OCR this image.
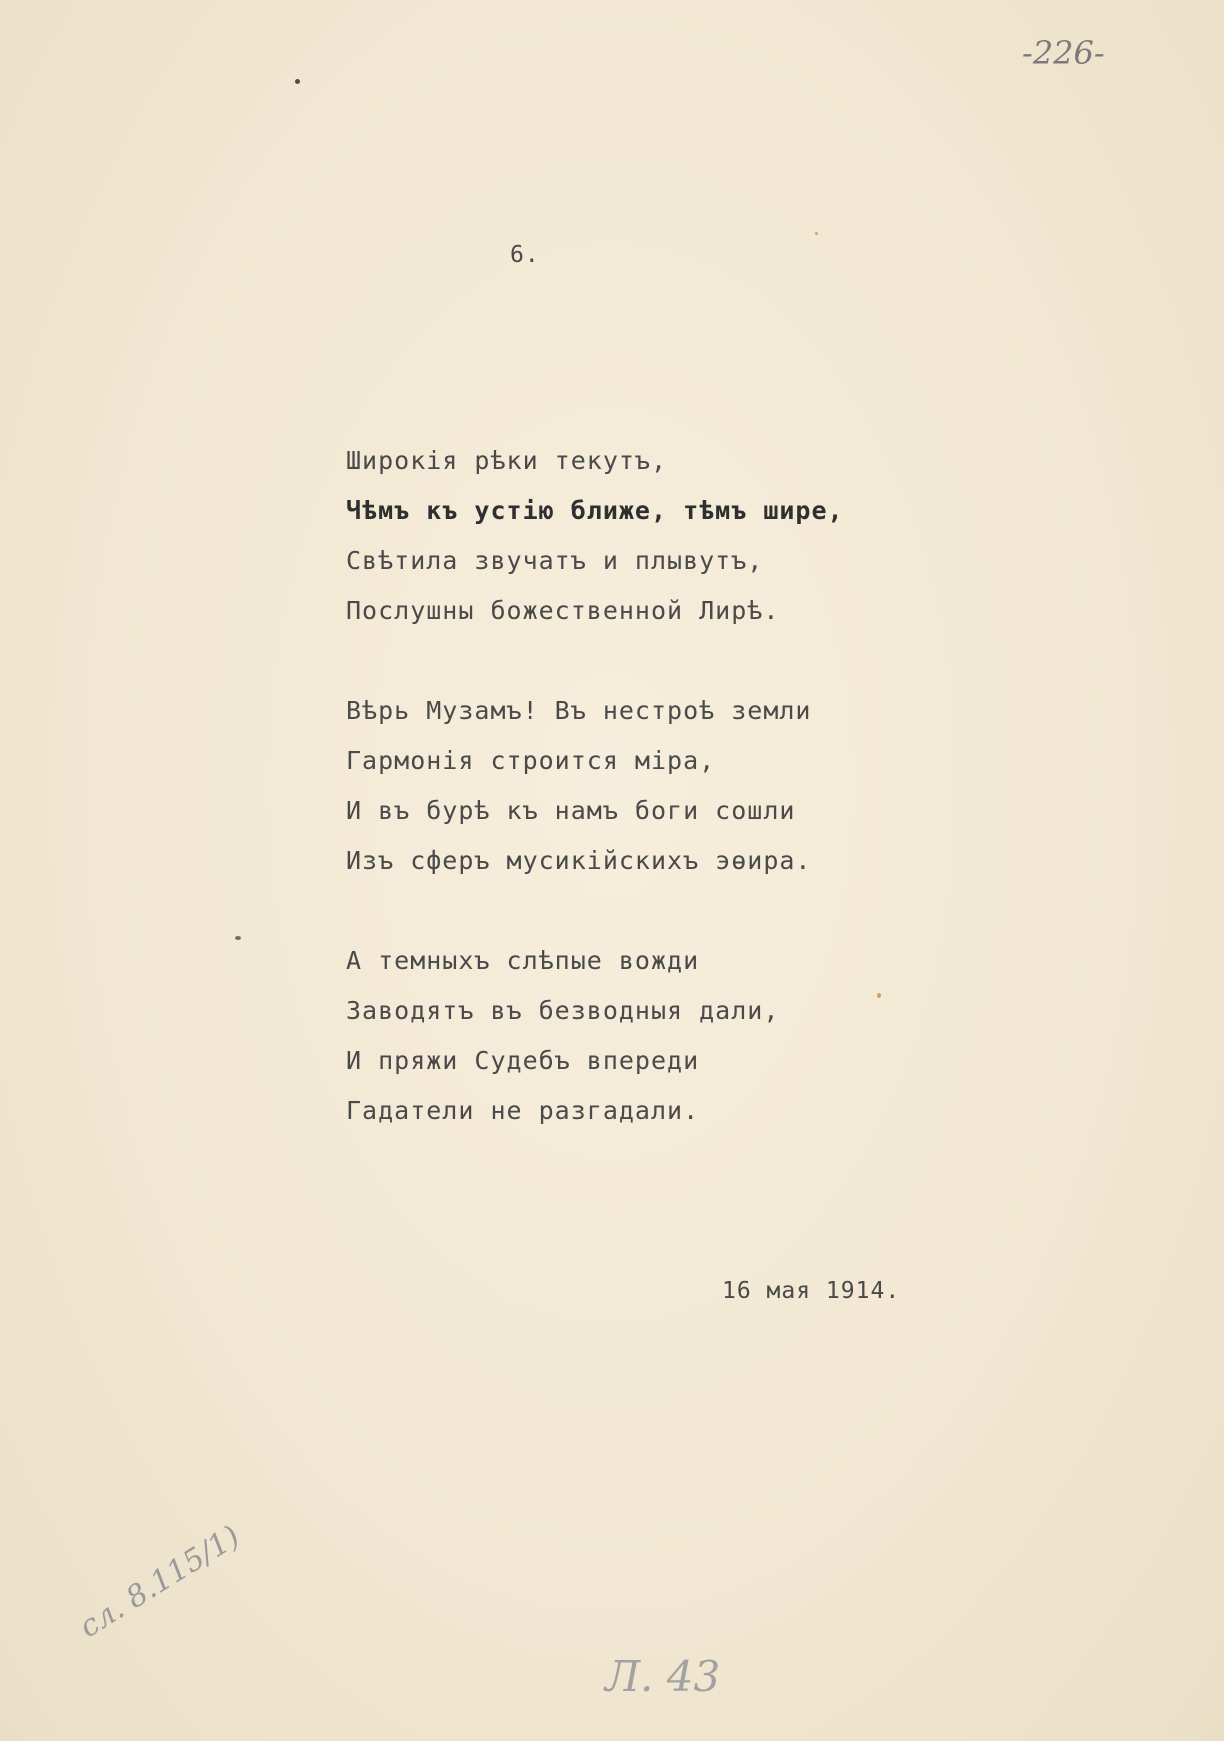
-226-
6.
Широкiя рѣки текутъ,
Чѣмъ къ устiю ближе, тѣмъ шире,
Свѣтила звучатъ и плывутъ,
Послушны божественной Лирѣ.
Вѣрь Музамъ! Въ нестроѣ земли
Гармонiя строится мiра,
И въ бурѣ къ намъ боги сошли
Изъ сферъ мусикiйскихъ эѳира.
А темныхъ слѣпые вожди
Заводятъ въ безводныя дали,
И пряжи Судебъ впереди
Гадатели не разгадали.
16 мая 1914.
сл. 8.115/1)
Л. 43
